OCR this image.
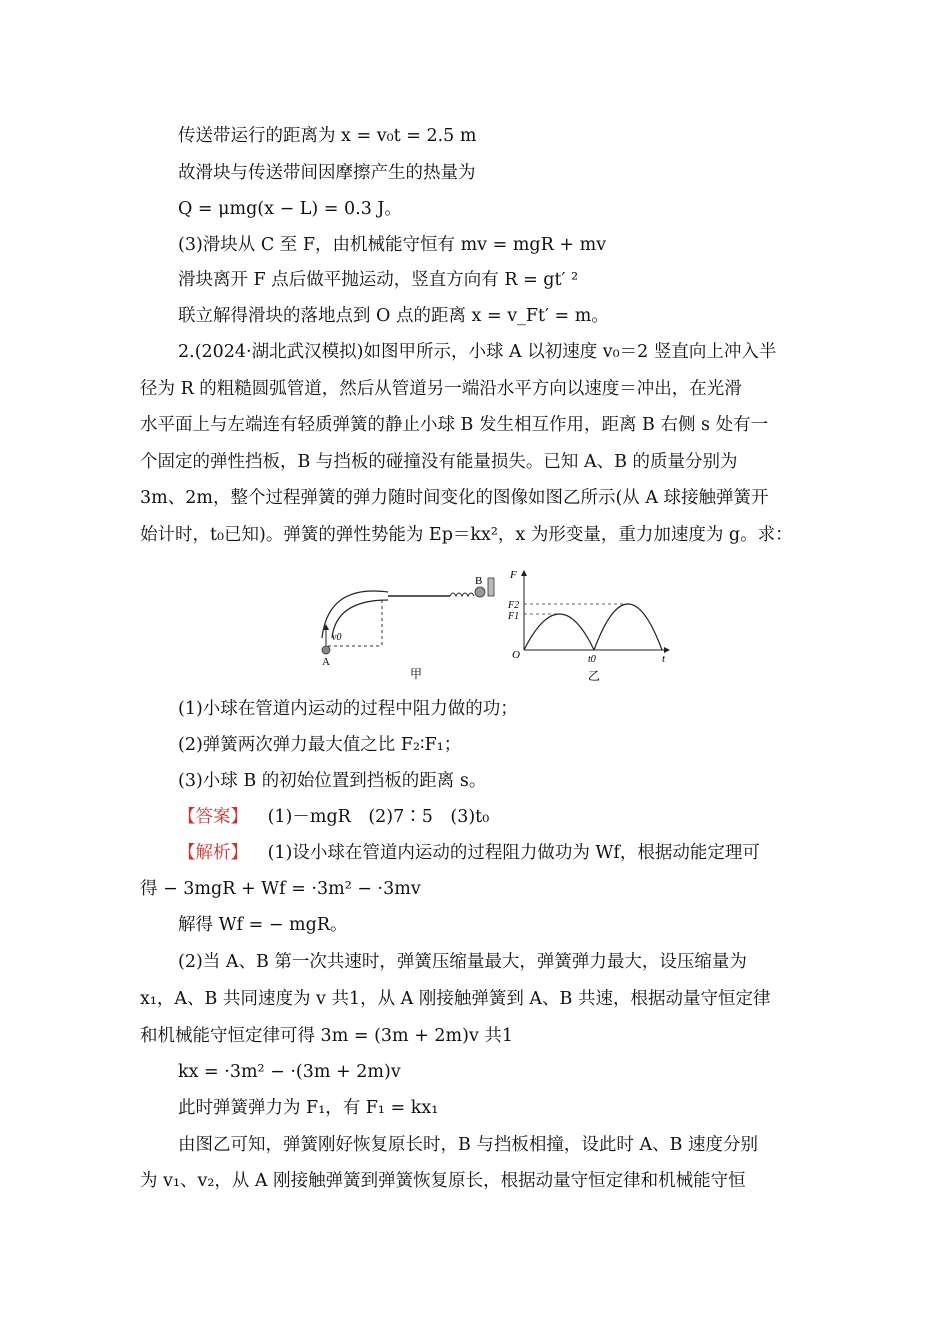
传送带运行的距离为 x = v₀t = 2.5 m
故滑块与传送带间因摩擦产生的热量为
Q = μmg(x − L) = 0.3 J。
(3)滑块从 C 至 F，由机械能守恒有 mv = mgR + mv
滑块离开 F 点后做平抛运动，竖直方向有 R = gt′ ²
联立解得滑块的落地点到 O 点的距离 x = v_Ft′ = m。
2.(2024·湖北武汉模拟)如图甲所示，小球 A 以初速度 v₀＝2 竖直向上冲入半
径为 R 的粗糙圆弧管道，然后从管道另一端沿水平方向以速度＝冲出，在光滑
水平面上与左端连有轻质弹簧的静止小球 B 发生相互作用，距离 B 右侧 s 处有一
个固定的弹性挡板，B 与挡板的碰撞没有能量损失。已知 A、B 的质量分别为
3m、2m，整个过程弹簧的弹力随时间变化的图像如图乙所示(从 A 球接触弹簧开
始计时，t₀已知)。弹簧的弹性势能为 Ep＝kx²，x 为形变量，重力加速度为 g。求：
A
v0
B
甲
F
F2
F1
O	t0	t
乙
(1)小球在管道内运动的过程中阻力做的功；
(2)弹簧两次弹力最大值之比 F₂∶F₁；
(3)小球 B 的初始位置到挡板的距离 s。
【答案】 (1)－mgR　(2)7∶5　(3)t₀
【解析】 (1)设小球在管道内运动的过程阻力做功为 Wf，根据动能定理可
得 − 3mgR + Wf = ·3m² − ·3mv
解得 Wf = − mgR。
(2)当 A、B 第一次共速时，弹簧压缩量最大，弹簧弹力最大，设压缩量为
x₁，A、B 共同速度为 v 共1，从 A 刚接触弹簧到 A、B 共速，根据动量守恒定律
和机械能守恒定律可得 3m = (3m + 2m)v 共1
kx = ·3m² − ·(3m + 2m)v
此时弹簧弹力为 F₁，有 F₁ = kx₁
由图乙可知，弹簧刚好恢复原长时，B 与挡板相撞，设此时 A、B 速度分别
为 v₁、v₂，从 A 刚接触弹簧到弹簧恢复原长，根据动量守恒定律和机械能守恒
